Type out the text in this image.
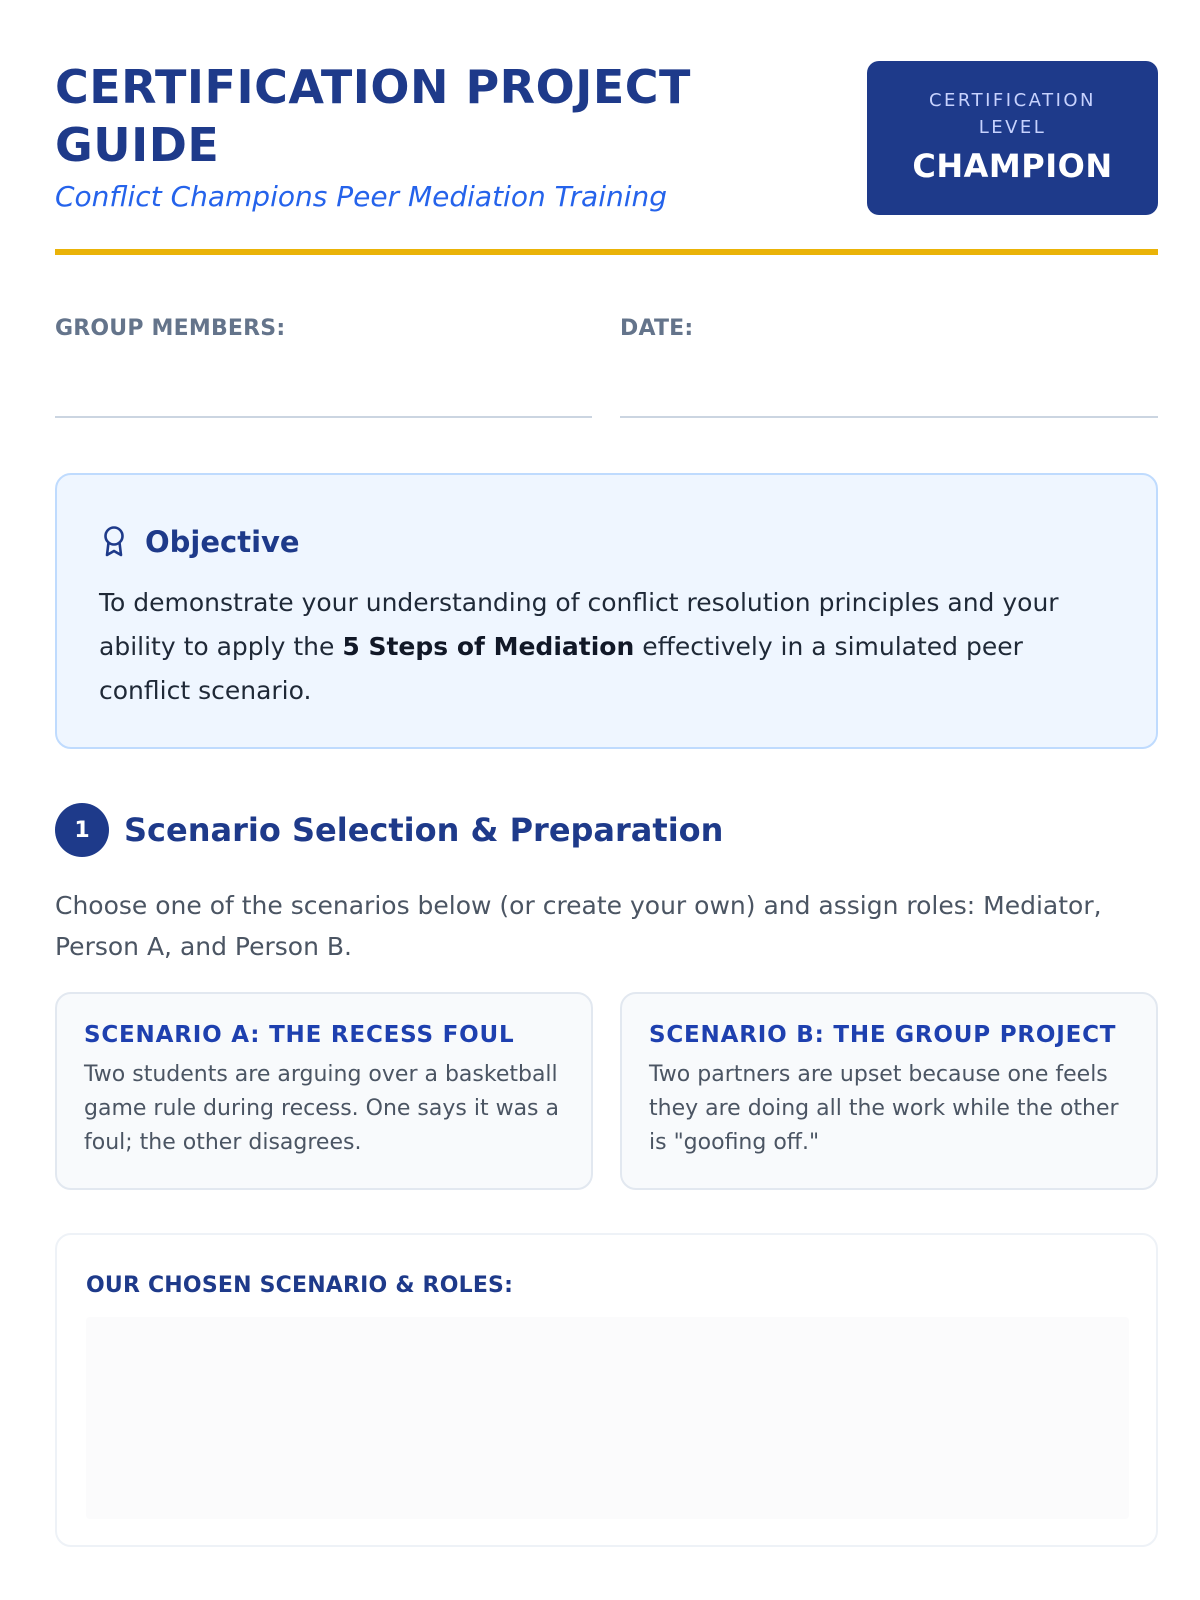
CERTIFICATION PROJECT GUIDE
Conflict Champions Peer Mediation Training
CERTIFICATION LEVEL
CHAMPION
GROUP MEMBERS:	DATE:
Objective

To demonstrate your understanding of conflict resolution principles and your ability to apply the 5 Steps of Mediation effectively in a simulated peer conflict scenario.

1	Scenario Selection & Preparation

Choose one of the scenarios below (or create your own) and assign roles: Mediator, Person A, and Person B.

SCENARIO A: THE RECESS FOUL

Two students are arguing over a basketball game rule during recess. One says it was a foul; the other disagrees.

SCENARIO B: THE GROUP PROJECT

Two partners are upset because one feels they are doing all the work while the other is "goofing off."

OUR CHOSEN SCENARIO & ROLES:
